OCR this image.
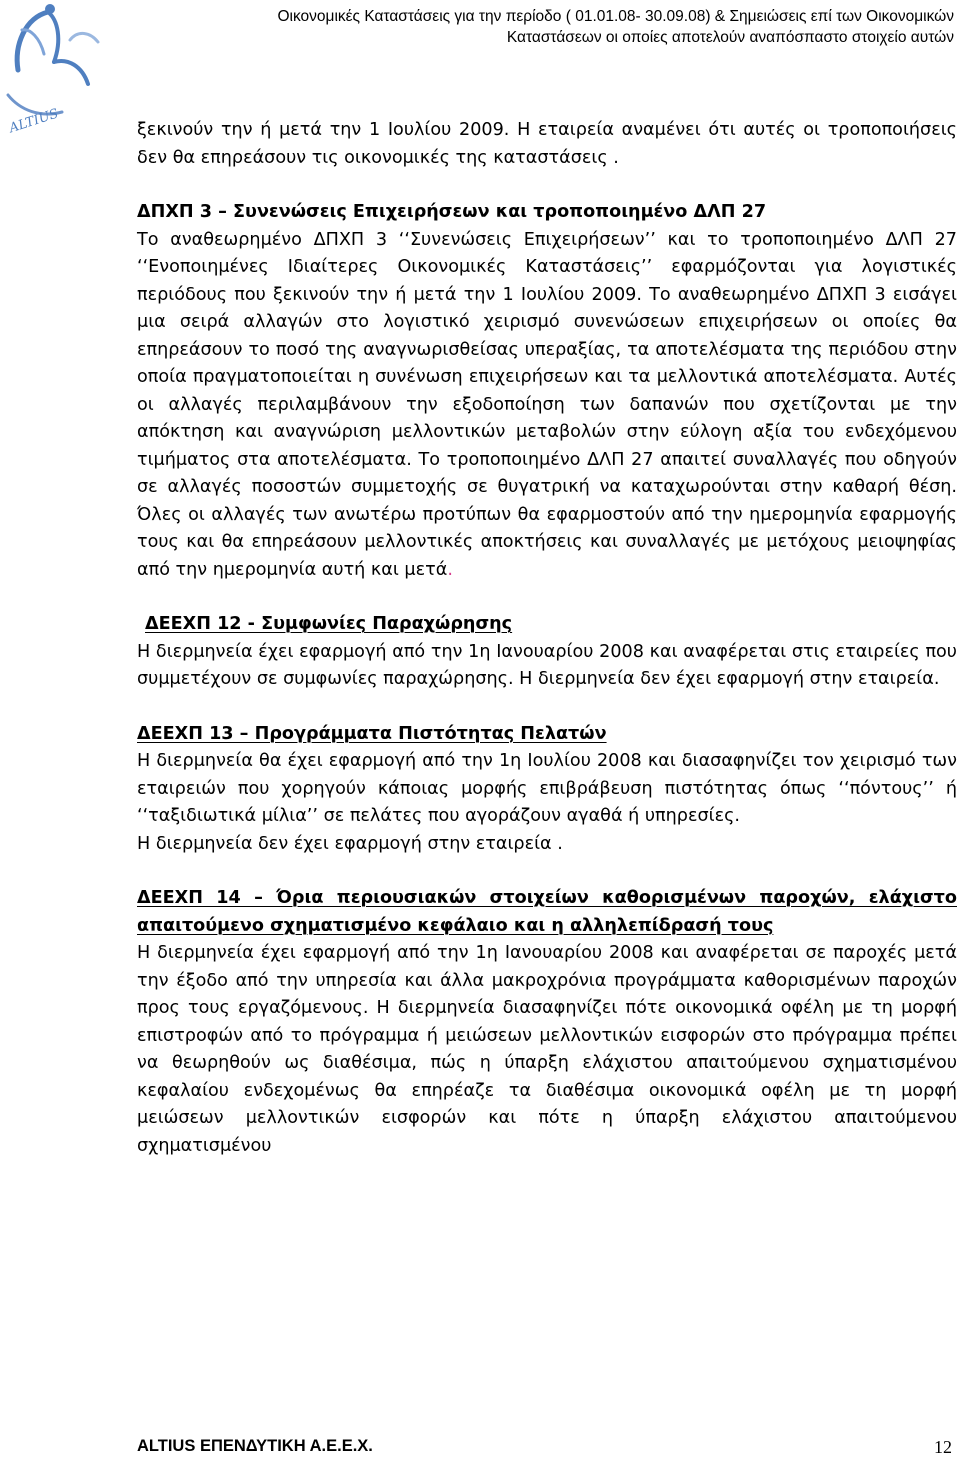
ALTIUS
Οικονομικές Καταστάσεις για την περίοδο ( 01.01.08- 30.09.08) & Σημειώσεις επί των Οικονομικών
Καταστάσεων οι οποίες αποτελούν αναπόσπαστο στοιχείο αυτών

ξεκινούν την ή μετά την 1 Ιουλίου 2009. Η εταιρεία αναμένει ότι αυτές οι τροποποιήσεις δεν θα επηρεάσουν τις οικονομικές της καταστάσεις .

ΔΠΧΠ 3 – Συνενώσεις Επιχειρήσεων και τροποποιημένο ΔΛΠ 27

Το αναθεωρημένο ΔΠΧΠ 3 ‘‘Συνενώσεις Επιχειρήσεων’’ και το τροποποιημένο ΔΛΠ 27 ‘‘Ενοποιημένες Ιδιαίτερες Οικονομικές Καταστάσεις’’ εφαρμόζονται για λογιστικές περιόδους που ξεκινούν την ή μετά την 1 Ιουλίου 2009. Το αναθεωρημένο ΔΠΧΠ 3 εισάγει μια σειρά αλλαγών στο λογιστικό χειρισμό συνενώσεων επιχειρήσεων οι οποίες θα επηρεάσουν το ποσό της αναγνωρισθείσας υπεραξίας, τα αποτελέσματα της περιόδου στην οποία πραγματοποιείται η συνένωση επιχειρήσεων και τα μελλοντικά αποτελέσματα. Αυτές οι αλλαγές περιλαμβάνουν την εξοδοποίηση των δαπανών που σχετίζονται με την απόκτηση και αναγνώριση μελλοντικών μεταβολών στην εύλογη αξία του ενδεχόμενου τιμήματος στα αποτελέσματα. Το τροποποιημένο ΔΛΠ 27 απαιτεί συναλλαγές που οδηγούν σε αλλαγές ποσοστών συμμετοχής σε θυγατρική να καταχωρούνται στην καθαρή θέση. Όλες οι αλλαγές των ανωτέρω προτύπων θα εφαρμοστούν από την ημερομηνία εφαρμογής τους και θα επηρεάσουν μελλοντικές αποκτήσεις και συναλλαγές με μετόχους μειοψηφίας από την ημερομηνία αυτή και μετά.

ΔΕΕΧΠ 12 - Συμφωνίες Παραχώρησης

Η διερμηνεία έχει εφαρμογή από την 1η Ιανουαρίου 2008 και αναφέρεται στις εταιρείες που συμμετέχουν σε συμφωνίες παραχώρησης. Η διερμηνεία δεν έχει εφαρμογή στην εταιρεία.

ΔΕΕΧΠ 13 – Προγράμματα Πιστότητας Πελατών

Η διερμηνεία θα έχει εφαρμογή από την 1η Ιουλίου 2008 και διασαφηνίζει τον χειρισμό των εταιρειών που χορηγούν κάποιας μορφής επιβράβευση πιστότητας όπως ‘‘πόντους’’ ή ‘‘ταξιδιωτικά μίλια’’ σε πελάτες που αγοράζουν αγαθά ή υπηρεσίες.

Η διερμηνεία δεν έχει εφαρμογή στην εταιρεία .

ΔΕΕΧΠ 14 – Όρια περιουσιακών στοιχείων καθορισμένων παροχών, ελάχιστο απαιτούμενο σχηματισμένο κεφάλαιο και η αλληλεπίδρασή τους

Η διερμηνεία έχει εφαρμογή από την 1η Ιανουαρίου 2008 και αναφέρεται σε παροχές μετά την έξοδο από την υπηρεσία και άλλα μακροχρόνια προγράμματα καθορισμένων παροχών προς τους εργαζόμενους. Η διερμηνεία διασαφηνίζει πότε οικονομικά οφέλη με τη μορφή επιστροφών από το πρόγραμμα ή μειώσεων μελλοντικών εισφορών στο πρόγραμμα πρέπει να θεωρηθούν ως διαθέσιμα, πώς η ύπαρξη ελάχιστου απαιτούμενου σχηματισμένου κεφαλαίου ενδεχομένως θα επηρέαζε τα διαθέσιμα οικονομικά οφέλη με τη μορφή μειώσεων μελλοντικών εισφορών και πότε η ύπαρξη ελάχιστου απαιτούμενου σχηματισμένου

ALTIUS ΕΠΕΝΔΥΤΙΚΗ Α.Ε.Ε.Χ.	12
